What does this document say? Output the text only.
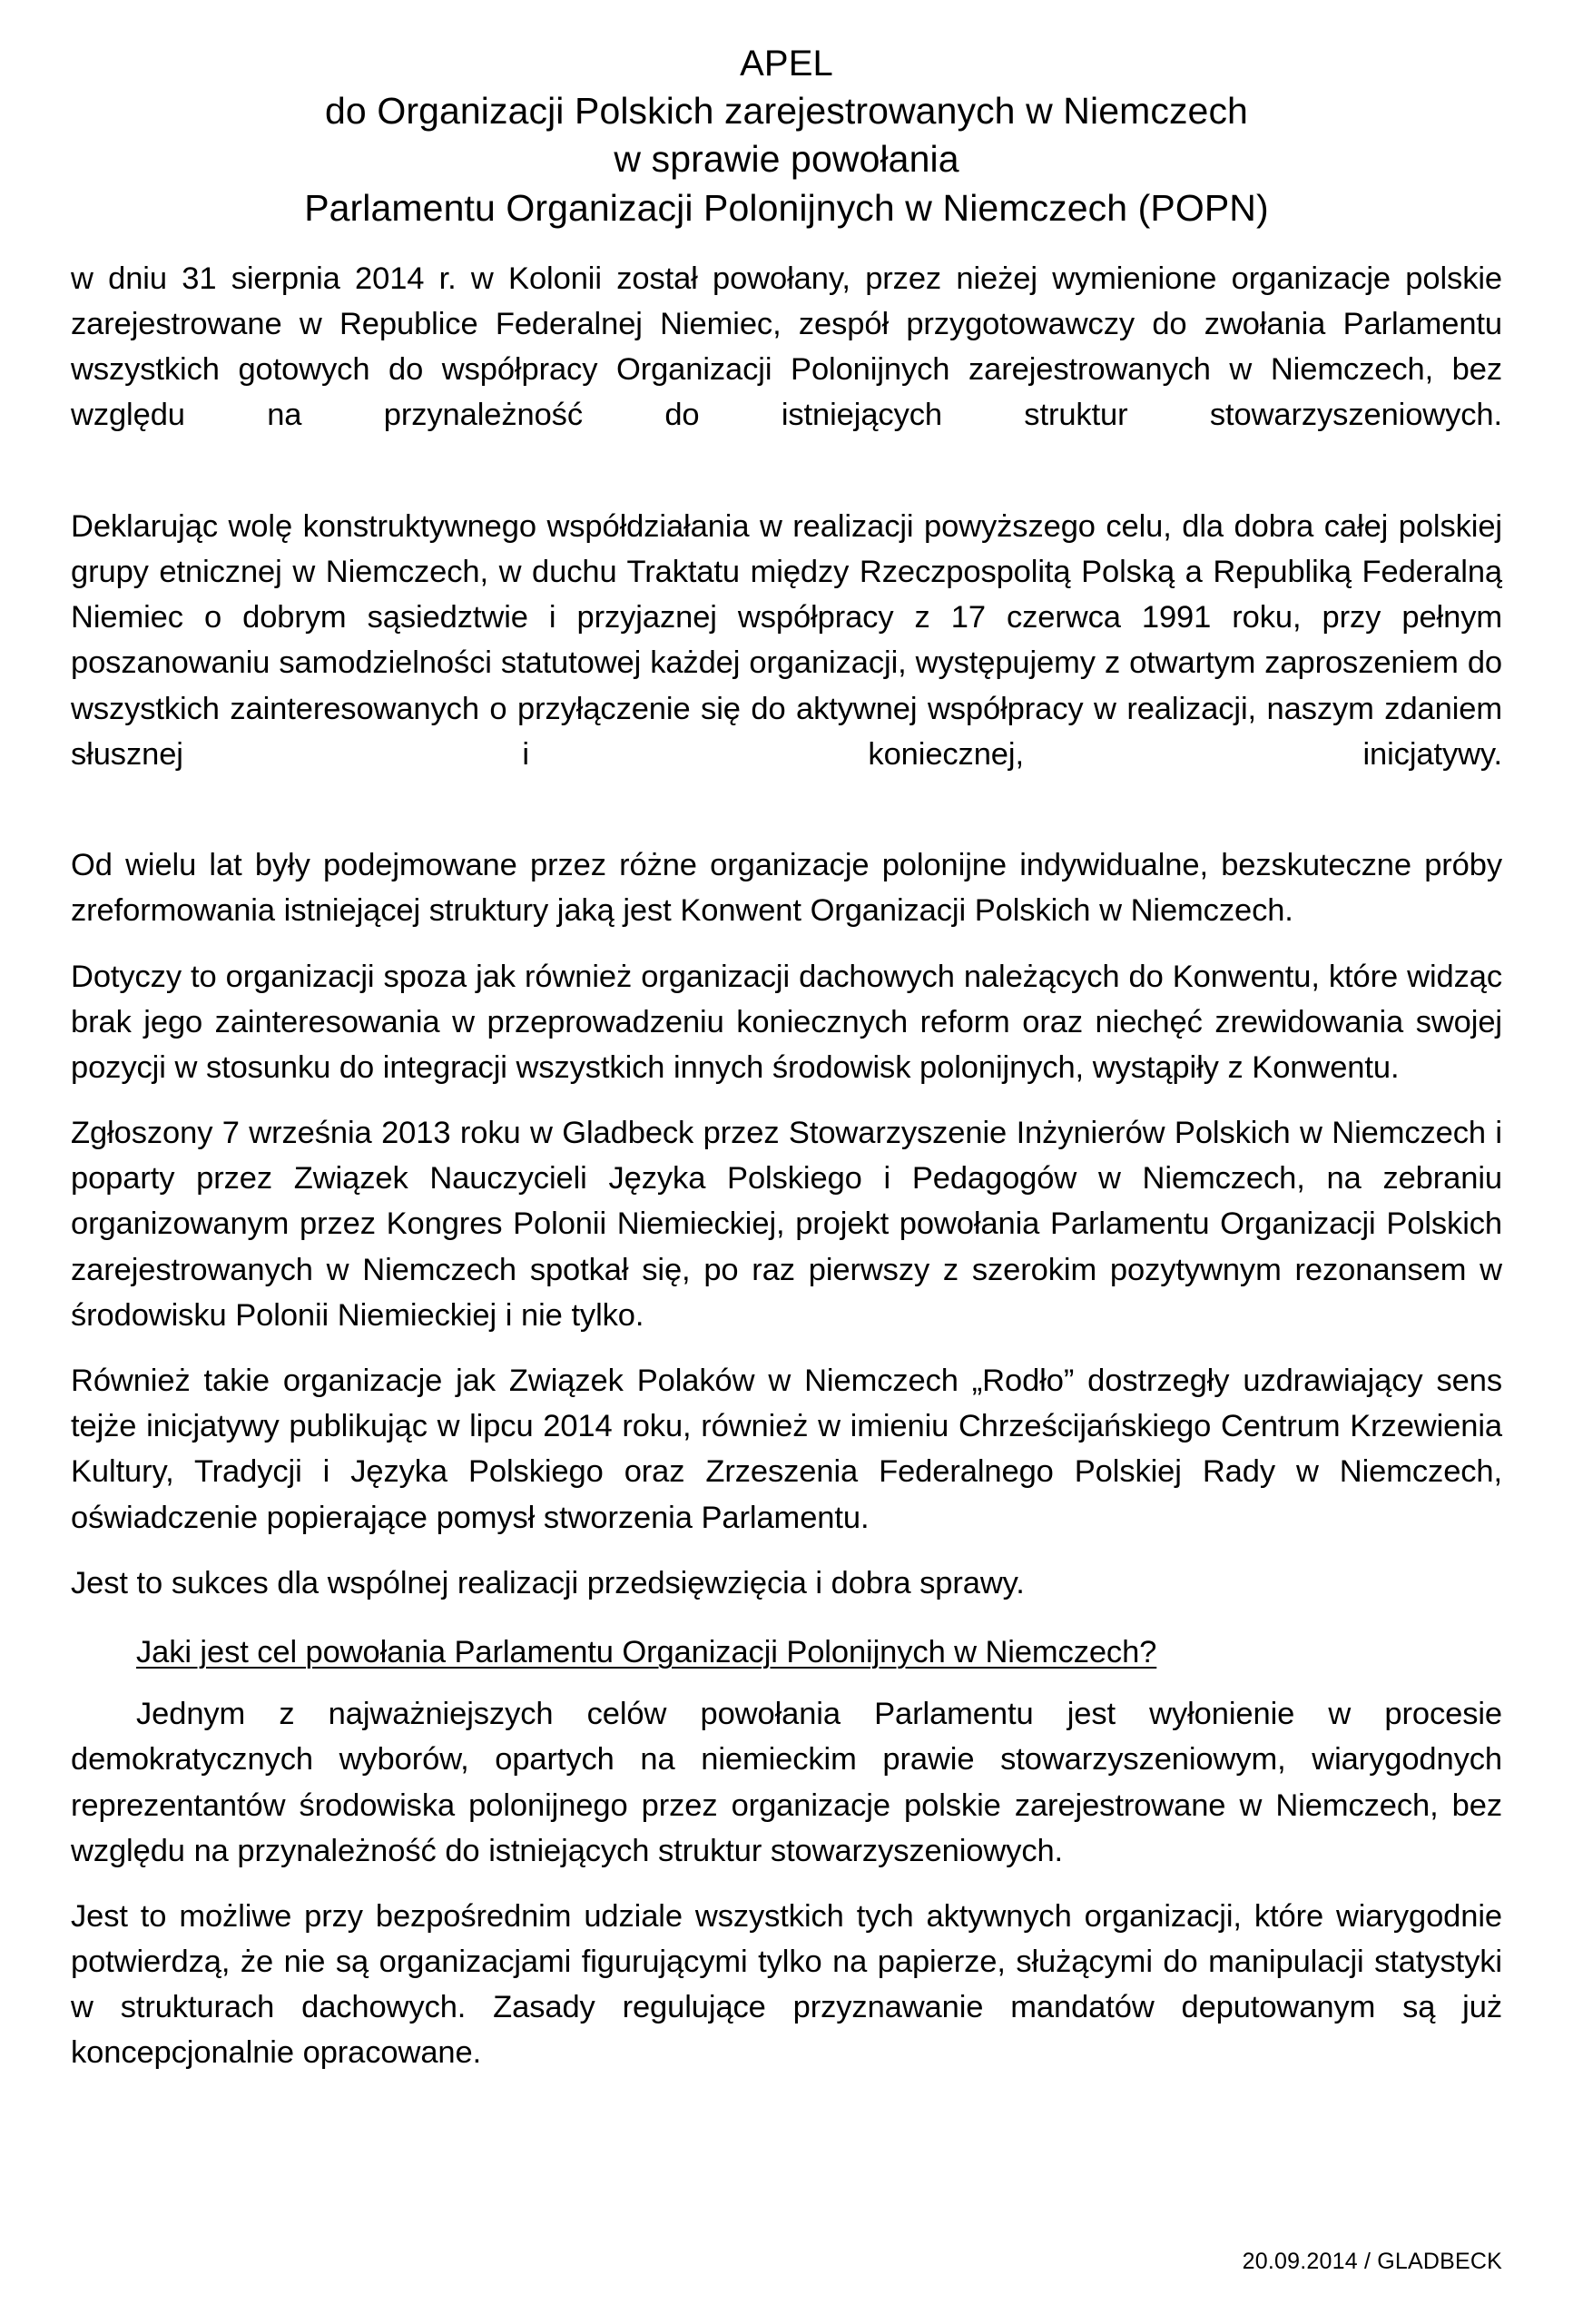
APEL
do Organizacji Polskich zarejestrowanych w Niemczech
w sprawie powołania
Parlamentu Organizacji Polonijnych w Niemczech (POPN)

w dniu 31 sierpnia 2014 r. w Kolonii został powołany, przez nieżej wymienione organizacje polskie zarejestrowane w Republice Federalnej Niemiec, zespół przygotowawczy do zwołania Parlamentu wszystkich gotowych do współpracy Organizacji Polonijnych zarejestrowanych w Niemczech, bez względu na przynależność do istniejących struktur stowarzyszeniowych.

Deklarując wolę konstruktywnego współdziałania w realizacji powyższego celu, dla dobra całej polskiej grupy etnicznej w Niemczech, w duchu Traktatu między Rzeczpospolitą Polską a Republiką Federalną Niemiec o dobrym sąsiedztwie i przyjaznej współpracy z 17 czerwca 1991 roku, przy pełnym poszanowaniu samodzielności statutowej każdej organizacji, występujemy z otwartym zaproszeniem do wszystkich zainteresowanych o przyłączenie się do aktywnej współpracy w realizacji, naszym zdaniem słusznej i koniecznej, inicjatywy.

Od wielu lat były podejmowane przez różne organizacje polonijne indywidualne, bezskuteczne próby zreformowania istniejącej struktury jaką jest Konwent Organizacji Polskich w Niemczech.

Dotyczy to organizacji spoza jak również organizacji dachowych należących do Konwentu, które widząc brak jego zainteresowania w przeprowadzeniu koniecznych reform oraz niechęć zrewidowania swojej pozycji w stosunku do integracji wszystkich innych środowisk polonijnych, wystąpiły z Konwentu.

Zgłoszony 7 września 2013 roku w Gladbeck przez Stowarzyszenie Inżynierów Polskich w Niemczech i poparty przez Związek Nauczycieli Języka Polskiego i Pedagogów w Niemczech, na zebraniu organizowanym przez Kongres Polonii Niemieckiej, projekt powołania Parlamentu Organizacji Polskich zarejestrowanych w Niemczech spotkał się, po raz pierwszy z szerokim pozytywnym rezonansem w środowisku Polonii Niemieckiej i nie tylko.

Również takie organizacje jak Związek Polaków w Niemczech „Rodło” dostrzegły uzdrawiający sens tejże inicjatywy publikując w lipcu 2014 roku, również w imieniu Chrześcijańskiego Centrum Krzewienia Kultury, Tradycji i Języka Polskiego oraz Zrzeszenia Federalnego Polskiej Rady w Niemczech, oświadczenie popierające pomysł stworzenia Parlamentu.

Jest to sukces dla wspólnej realizacji przedsięwzięcia i dobra sprawy.

Jaki jest cel powołania Parlamentu Organizacji Polonijnych w Niemczech?

Jednym z najważniejszych celów powołania Parlamentu jest wyłonienie w procesie demokratycznych wyborów, opartych na niemieckim prawie stowarzyszeniowym, wiarygodnych reprezentantów środowiska polonijnego przez organizacje polskie zarejestrowane w Niemczech, bez względu na przynależność do istniejących struktur stowarzyszeniowych.

Jest to możliwe przy bezpośrednim udziale wszystkich tych aktywnych organizacji, które wiarygodnie potwierdzą, że nie są organizacjami figurującymi tylko na papierze, służącymi do manipulacji statystyki w strukturach dachowych. Zasady regulujące przyznawanie mandatów deputowanym są już koncepcjonalnie opracowane.

20.09.2014 / GLADBECK
